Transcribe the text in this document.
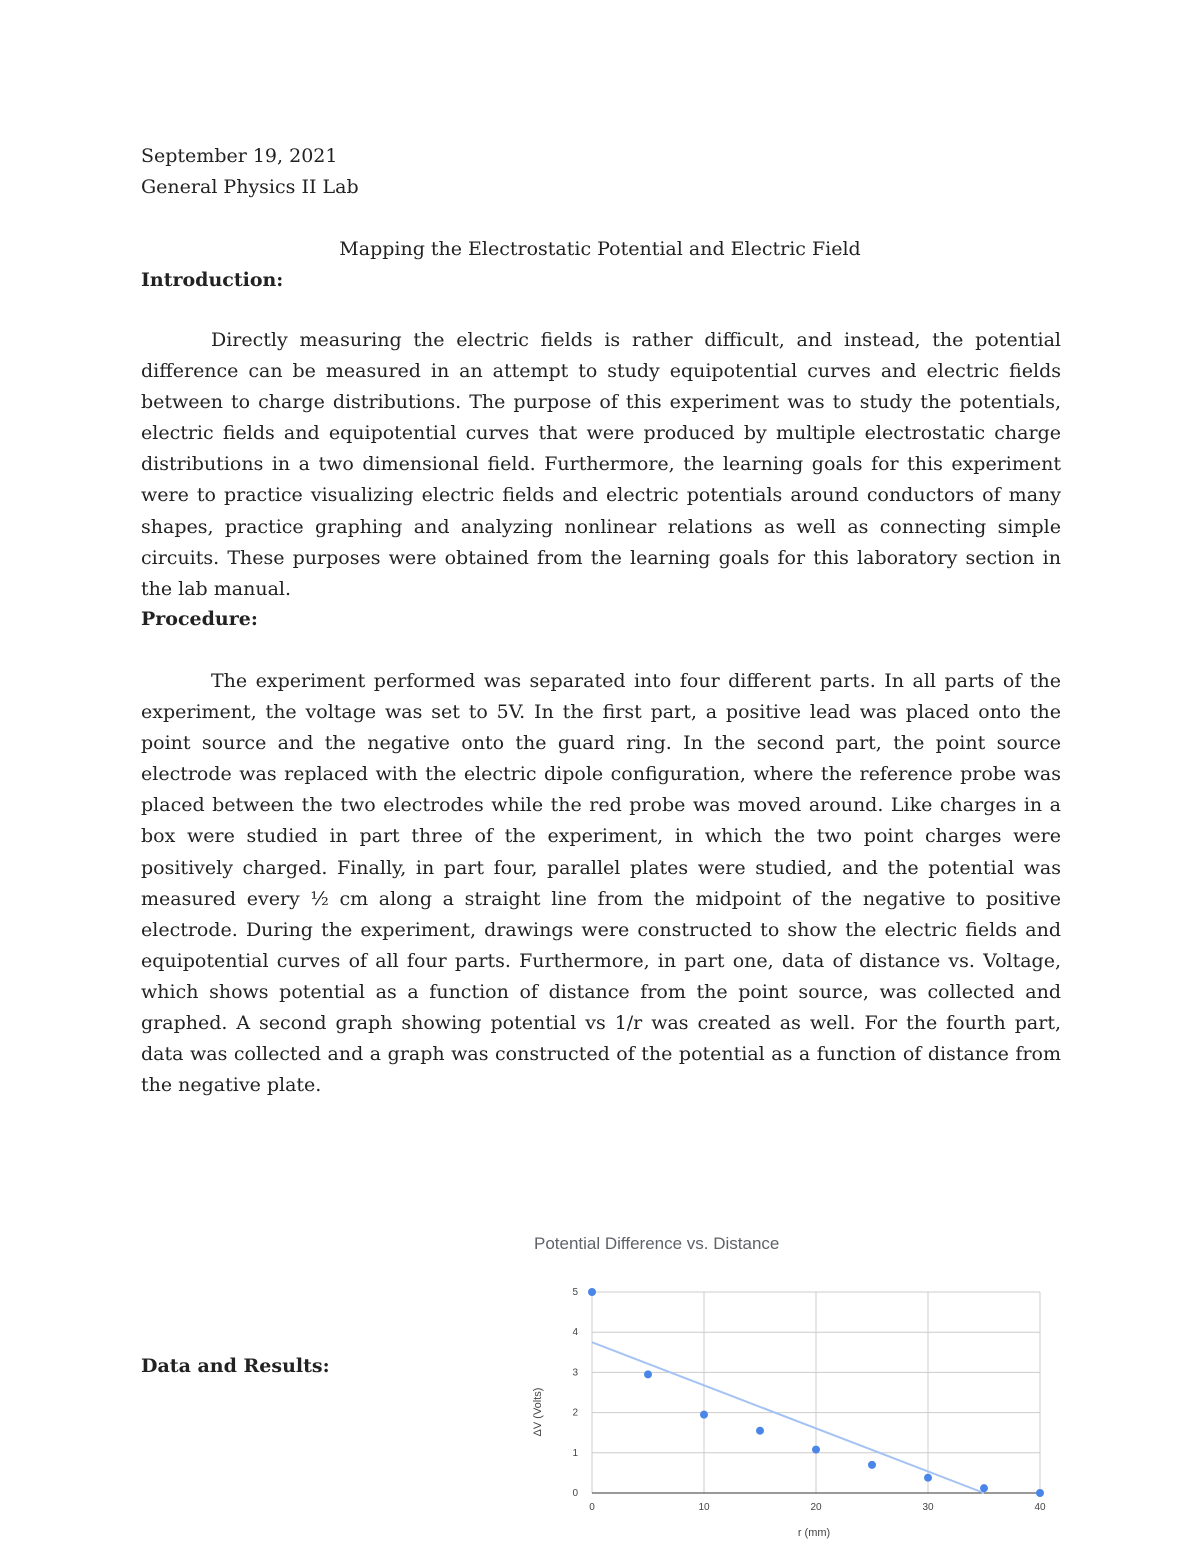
September 19, 2021
General Physics II Lab
Mapping the Electrostatic Potential and Electric Field
Introduction:
Directly measuring the electric fields is rather difficult, and instead, the potential difference can be measured in an attempt to study equipotential curves and electric fields between to charge distributions. The purpose of this experiment was to study the potentials, electric fields and equipotential curves that were produced by multiple electrostatic charge distributions in a two dimensional field. Furthermore, the learning goals for this experiment were to practice visualizing electric fields and electric potentials around conductors of many shapes, practice graphing and analyzing nonlinear relations as well as connecting simple circuits. These purposes were obtained from the learning goals for this laboratory section in the lab manual.
Procedure:
The experiment performed was separated into four different parts. In all parts of the experiment, the voltage was set to 5V. In the first part, a positive lead was placed onto the point source and the negative onto the guard ring. In the second part, the point source electrode was replaced with the electric dipole configuration, where the reference probe was placed between the two electrodes while the red probe was moved around. Like charges in a box were studied in part three of the experiment, in which the two point charges were positively charged. Finally, in part four, parallel plates were studied, and the potential was measured every ½ cm along a straight line from the midpoint of the negative to positive electrode. During the experiment, drawings were constructed to show the electric fields and equipotential curves of all four parts. Furthermore, in part one, data of distance vs. Voltage, which shows potential as a function of distance from the point source, was collected and graphed. A second graph showing potential vs 1/r was created as well. For the fourth part, data was collected and a graph was constructed of the potential as a function of distance from the negative plate.
Data and Results:
Potential Difference vs. Distance
0
1
2
3
4
5
0	10	20	30	40
r (mm)
ΔV (Volts)
